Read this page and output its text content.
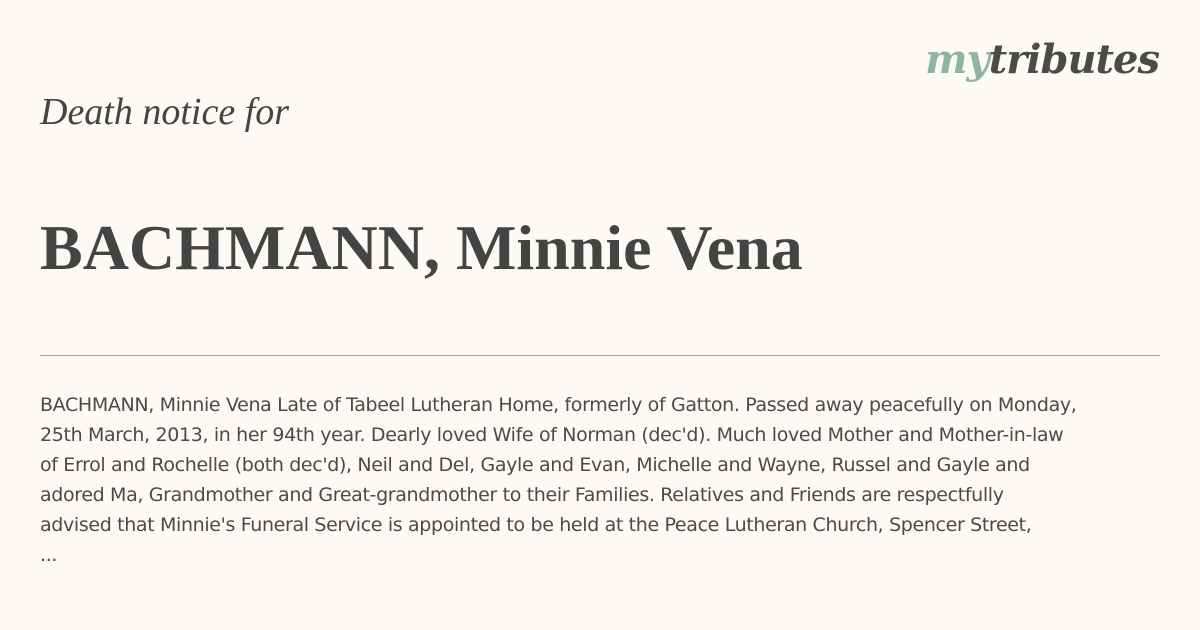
mytributes
Death notice for
BACHMANN, Minnie Vena

BACHMANN, Minnie Vena Late of Tabeel Lutheran Home, formerly of Gatton. Passed away peacefully on Monday,
25th March, 2013, in her 94th year. Dearly loved Wife of Norman (dec'd). Much loved Mother and Mother-in-law
of Errol and Rochelle (both dec'd), Neil and Del, Gayle and Evan, Michelle and Wayne, Russel and Gayle and
adored Ma, Grandmother and Great-grandmother to their Families. Relatives and Friends are respectfully
advised that Minnie's Funeral Service is appointed to be held at the Peace Lutheran Church, Spencer Street,
...
